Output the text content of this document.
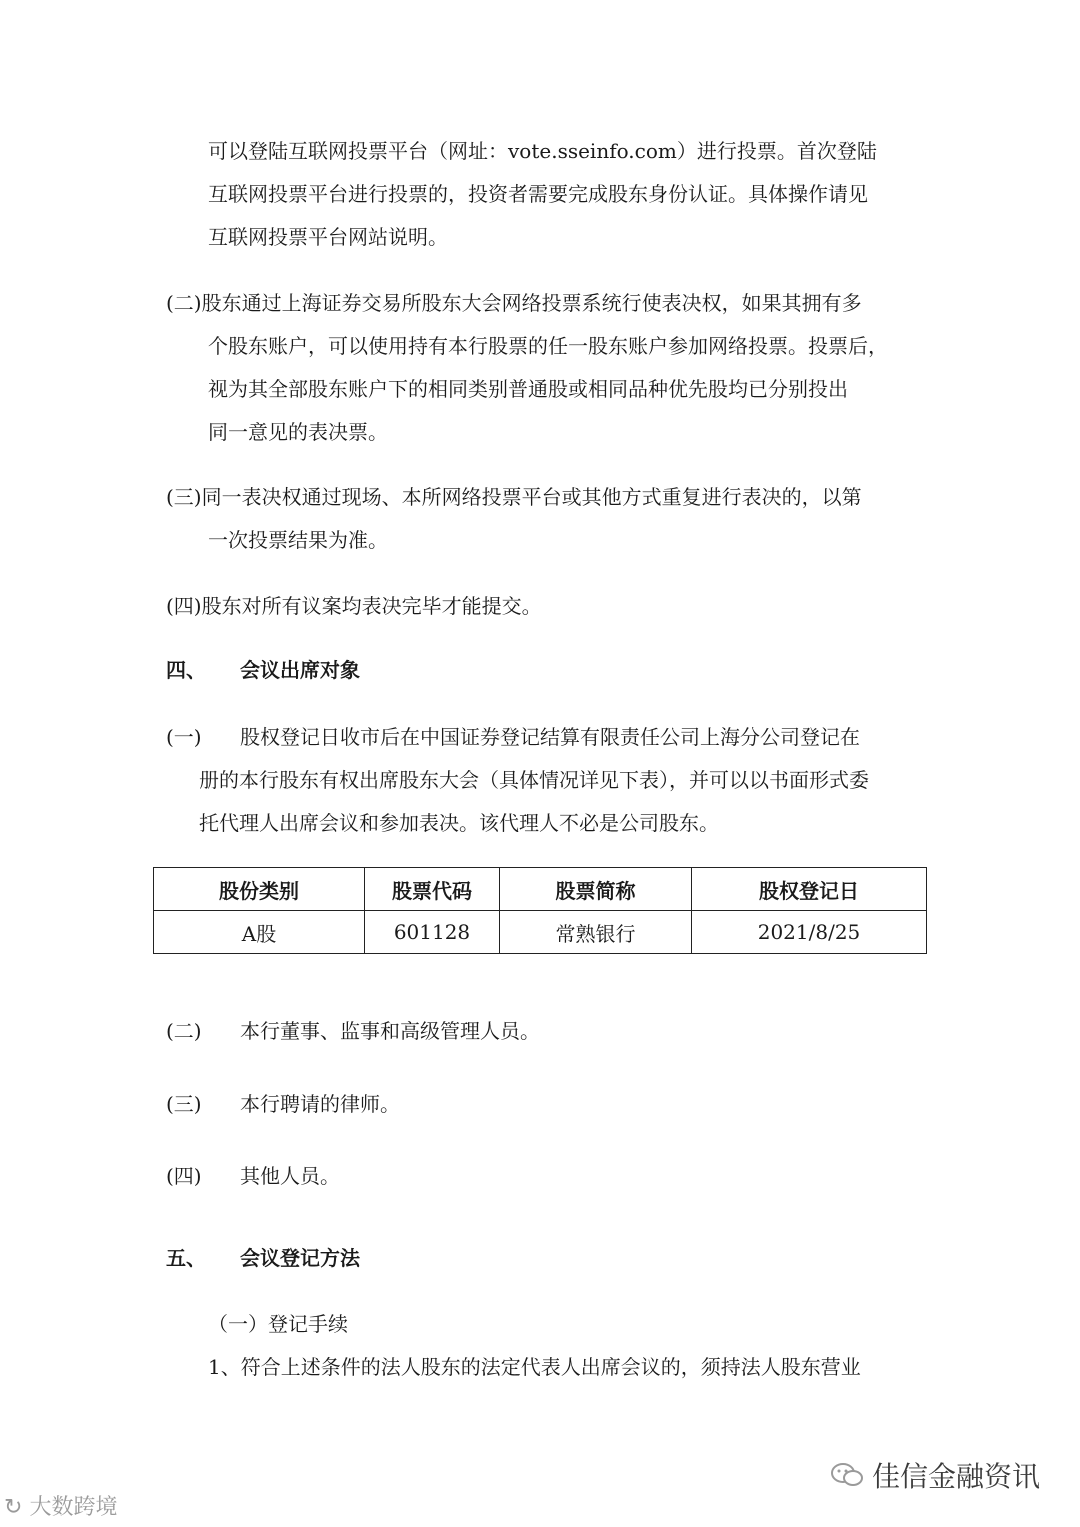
可以登陆互联网投票平台（网址：vote.sseinfo.com）进行投票。首次登陆
互联网投票平台进行投票的，投资者需要完成股东身份认证。具体操作请见
互联网投票平台网站说明。
(二)股东通过上海证券交易所股东大会网络投票系统行使表决权，如果其拥有多
个股东账户，可以使用持有本行股票的任一股东账户参加网络投票。投票后，
视为其全部股东账户下的相同类别普通股或相同品种优先股均已分别投出
同一意见的表决票。
(三)同一表决权通过现场、本所网络投票平台或其他方式重复进行表决的，以第
一次投票结果为准。
(四)股东对所有议案均表决完毕才能提交。
四、 会议出席对象
(一) 股权登记日收市后在中国证券登记结算有限责任公司上海分公司登记在
册的本行股东有权出席股东大会（具体情况详见下表），并可以以书面形式委
托代理人出席会议和参加表决。该代理人不必是公司股东。
股份类别	股票代码	股票简称	股权登记日
A股	601128	常熟银行	2021/8/25
(二) 本行董事、监事和高级管理人员。
(三) 本行聘请的律师。
(四) 其他人员。
五、 会议登记方法
（一）登记手续
1、符合上述条件的法人股东的法定代表人出席会议的，须持法人股东营业
↻ 大数跨境
佳信金融资讯
